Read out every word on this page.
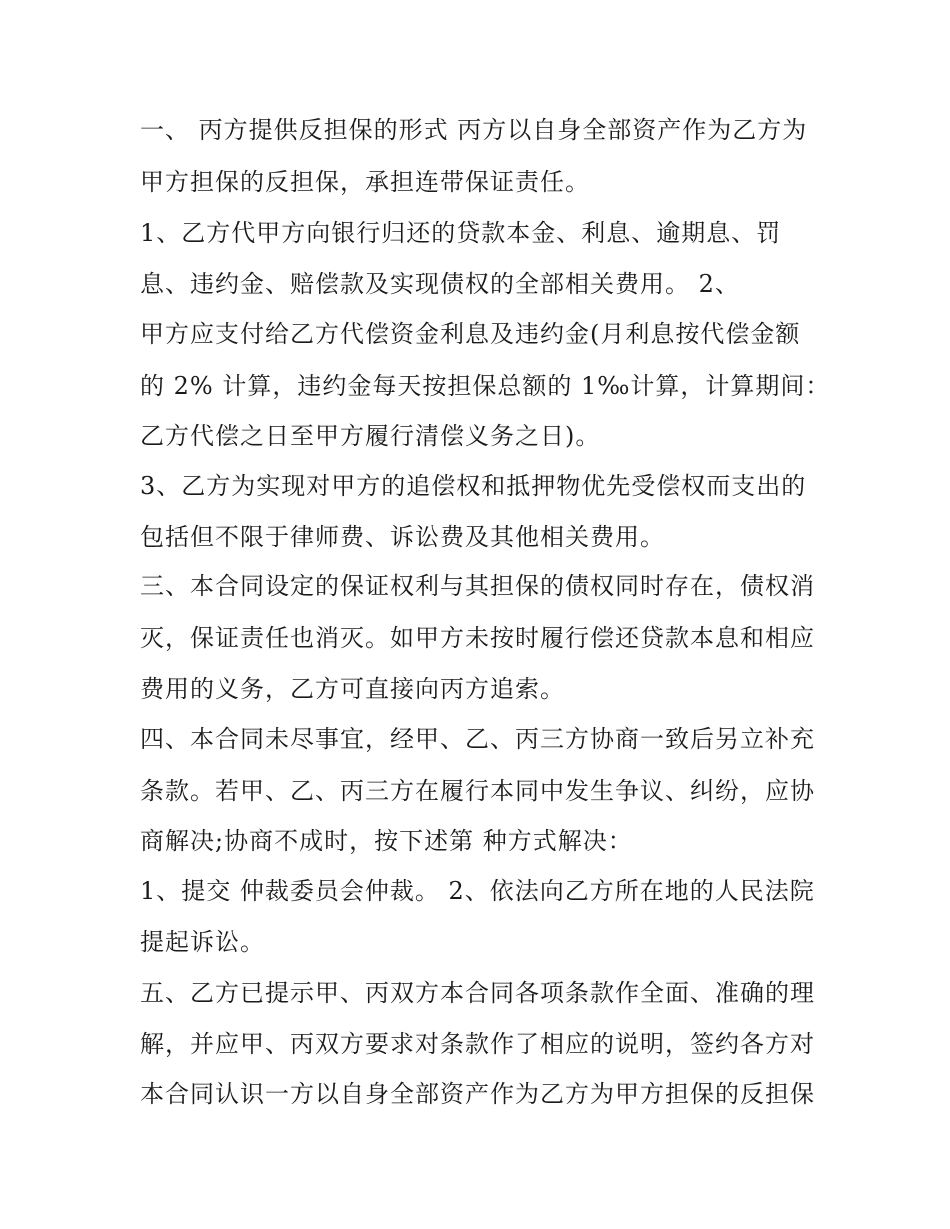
一、 丙方提供反担保的形式 丙方以自身全部资产作为乙方为
甲方担保的反担保，承担连带保证责任。
1、乙方代甲方向银行归还的贷款本金、利息、逾期息、罚
息、违约金、赔偿款及实现债权的全部相关费用。 2、
甲方应支付给乙方代偿资金利息及违约金(月利息按代偿金额
的 2% 计算，违约金每天按担保总额的 1‰计算，计算期间：
乙方代偿之日至甲方履行清偿义务之日)。
3、乙方为实现对甲方的追偿权和抵押物优先受偿权而支出的
包括但不限于律师费、诉讼费及其他相关费用。
三、本合同设定的保证权利与其担保的债权同时存在，债权消
灭，保证责任也消灭。如甲方未按时履行偿还贷款本息和相应
费用的义务，乙方可直接向丙方追索。
四、本合同未尽事宜，经甲、乙、丙三方协商一致后另立补充
条款。若甲、乙、丙三方在履行本同中发生争议、纠纷，应协
商解决;协商不成时，按下述第 种方式解决：
1、提交 仲裁委员会仲裁。 2、依法向乙方所在地的人民法院
提起诉讼。
五、乙方已提示甲、丙双方本合同各项条款作全面、准确的理
解，并应甲、丙双方要求对条款作了相应的说明，签约各方对
本合同认识一方以自身全部资产作为乙方为甲方担保的反担保
